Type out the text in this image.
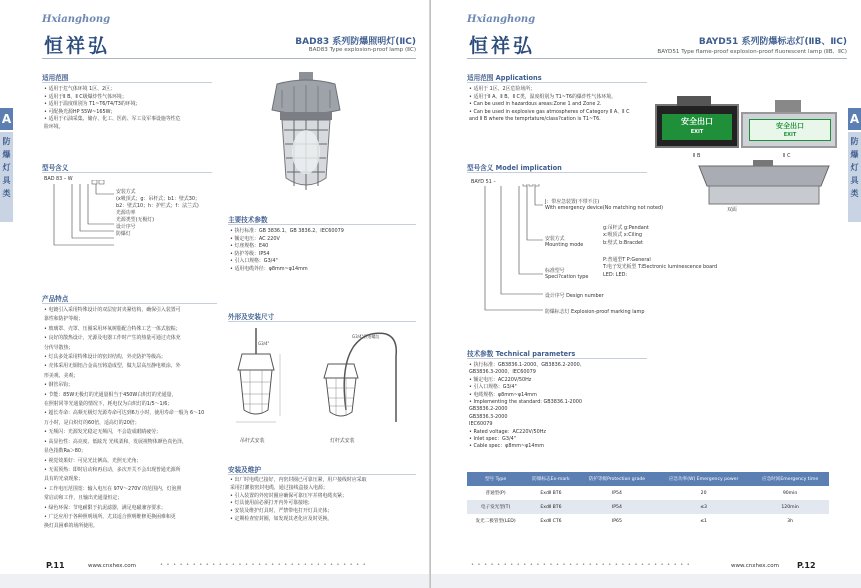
Hxianghong
恒祥弘	BAD83 系列防爆照明灯(ⅡC)
BAD83 Type explosion-proof lamp (ⅡC)
A
防
爆
灯
具
类
适用范围
• 适用于危气体环境 1区、2区；
• 适用于Ⅱ B、Ⅱ C级爆炸性气体环境；
• 适用于温度组别为 T1~T6/T4/T3的环境；
• 可配换光源HP 55W~165W；
• 适用于石油采集、储存、化工、医药、军工及军事设施等性危
险环境。
型号含义
BAD 83 – W
安装方式
(x吸顶式；g：吊杆式；b1：壁式30；
b2：壁式10；h：护栏式；f：法兰式)
光源功率
光源类型(无极灯)
设计序号
防爆灯
主要技术参数
• 执行标准：GB 3836.1、GB 3836.2、IEC60079
• 额定电压：AC 220V
• 灯座规格：E40
• 防护等级：IP54
• 引入口规格：G3/4"
• 适用电缆外径：φ8mm~φ14mm
外形及安装尺寸
G3/4"
G3/4"管道螺纹
吊杆式安装	灯杆式安装
产品特点
• 电镀引入采用特殊设计的双层密封夹紧结构，确保引入装置可
靠性和防护等级；
• 玻璃罩、壳罩、压圈采用环氧树脂配合特殊工艺一体式胶粘；
• 良好的散热设计，光源及电器工作时产生的热量可通过壳体充
分传导散热；
• 灯具多处采用特殊设计的密封结构，外壳防护等级高；
• 壳体采用无铜铝合金高压铸造成型，做九层高压静电喷涂，外
形美观、美观；
• 钢管吊钩；
• 节能：85W无极灯的光通量相当于450W白炽灯的光通量，
在照射同等光通量的情况下，耗电仅为白炽灯的1/5～1/6；
• 超长寿命：高频无极灯光源寿命可达到6万小时，使用寿命一般为 6～10
万小时，是白炽灯的60倍，适高灯的20倍；
• 无频闪：光源发光稳定无频闪，不会造成眼睛疲劳；
• 高显色性：高亮度、低眩光 光线柔和，发展视物体颜色真色泽，
显色指数Ra＞80；
• 视觉效果好：可见光比例高，光照无光角；
• 无需预热：即时启动和再启动，多次开关不会出现普通光源所
具有的光衰现象；
• 工作电压范围宽：输入电压在 97V～270V 的范围内，灯泡照
常启动和工作，且输出光通量恒定；
• 绿色环保：节电耐限于抗泥滤器，满足电磁兼容要求；
• 广泛应用于各种照明场所，尤其适合照明维修更换困难和更
换灯具困难的场所使用。
安装及维护
• 出厂时电缆已接好，内密封圈已可靠压紧，用户接线时应采取
采用打灌胶密封电缆，通过接线盒接入电源；
• 引入装置的外密封圈应确保可靠压牢并将电缆夹紧；
• 灯具使用前必须打开内外可靠接地；
• 安装及维护灯具时，严禁带电打开灯具壳体；
• 定期检查密封圈，如发现其老化应及时更换。
P.11	www.cnxhex.com	• • • • • • • • • • • • • • • • • • • • • • • • • • • • • • • •
Hxianghong
恒祥弘	BAYD51 系列防爆标志灯(ⅡB、ⅡC)
BAYD51 Type flame-proof explosion-proof fluorescent lamp (ⅡB、ⅡC)
A
防
爆
灯
具
类
适用范围 Applications
• 适用于 1区、2区危险场所；
• 适用于Ⅱ A、Ⅱ B、Ⅱ C类，温度组别为 T1~T6的爆炸性气体环境。
• Can be used in hazardous areas:Zone 1 and Zone 2.
• Can be used in explosive gas atmospheres of Category Ⅱ A、Ⅱ C
and Ⅱ B where the temprtature/class?cation is T1~T6.	安全出口
EXIT
Ⅱ B
安全出口
EXIT
Ⅱ C
双面
型号含义 Model implication
BAYD 51 –
J：带应急装置(不带不注)
With emergency device(No matching not noted)
安装方式
Mounting mode
g:吊杆式 g:Pendant
x:吸顶式 x:Ciling
b:壁式 b:Bracdet
标准型号
Speci?cation type
P:普通型T P:General
T:电子发光板型 T:Electronic luminescence board
LED: LED:
设计序号 Design number
防爆标志灯 Explosion-proof marking lamp
技术参数 Technical parameters
• 执行标准：GB3836.1-2000、GB3836.2-2000、
GB3836.3-2000、IEC60079
• 额定电压：AC220V/50Hz
• 引入口规格：G3/4"
• 电缆规格：φ8mm~φ14mm
• Implementing the standard: GB3836.1-2000
GB3836.2-2000
GB3836.3-2000
IEC60079
• Rated voltage：AC220V/50Hz
• Inlet spec：G3/4"
• Cable spec：φ8mm~φ14mm
型号 Type	防爆标志Ex-mark	防护等级Protection grade	应急功率(W) Emergency power	应急时间Emergency time
普通型(P)	ExdⅡ BT6	IP54	20	90min
电子发光型(T)	ExdⅡ BT6	IP54	≤3	120min
发光二极管型(LED)	ExdⅡ CT6	IP65	≤1	3h
• • • • • • • • • • • • • • • • • • • • • • • • • • • • • • • • • •	www.cnxhex.com P.12
